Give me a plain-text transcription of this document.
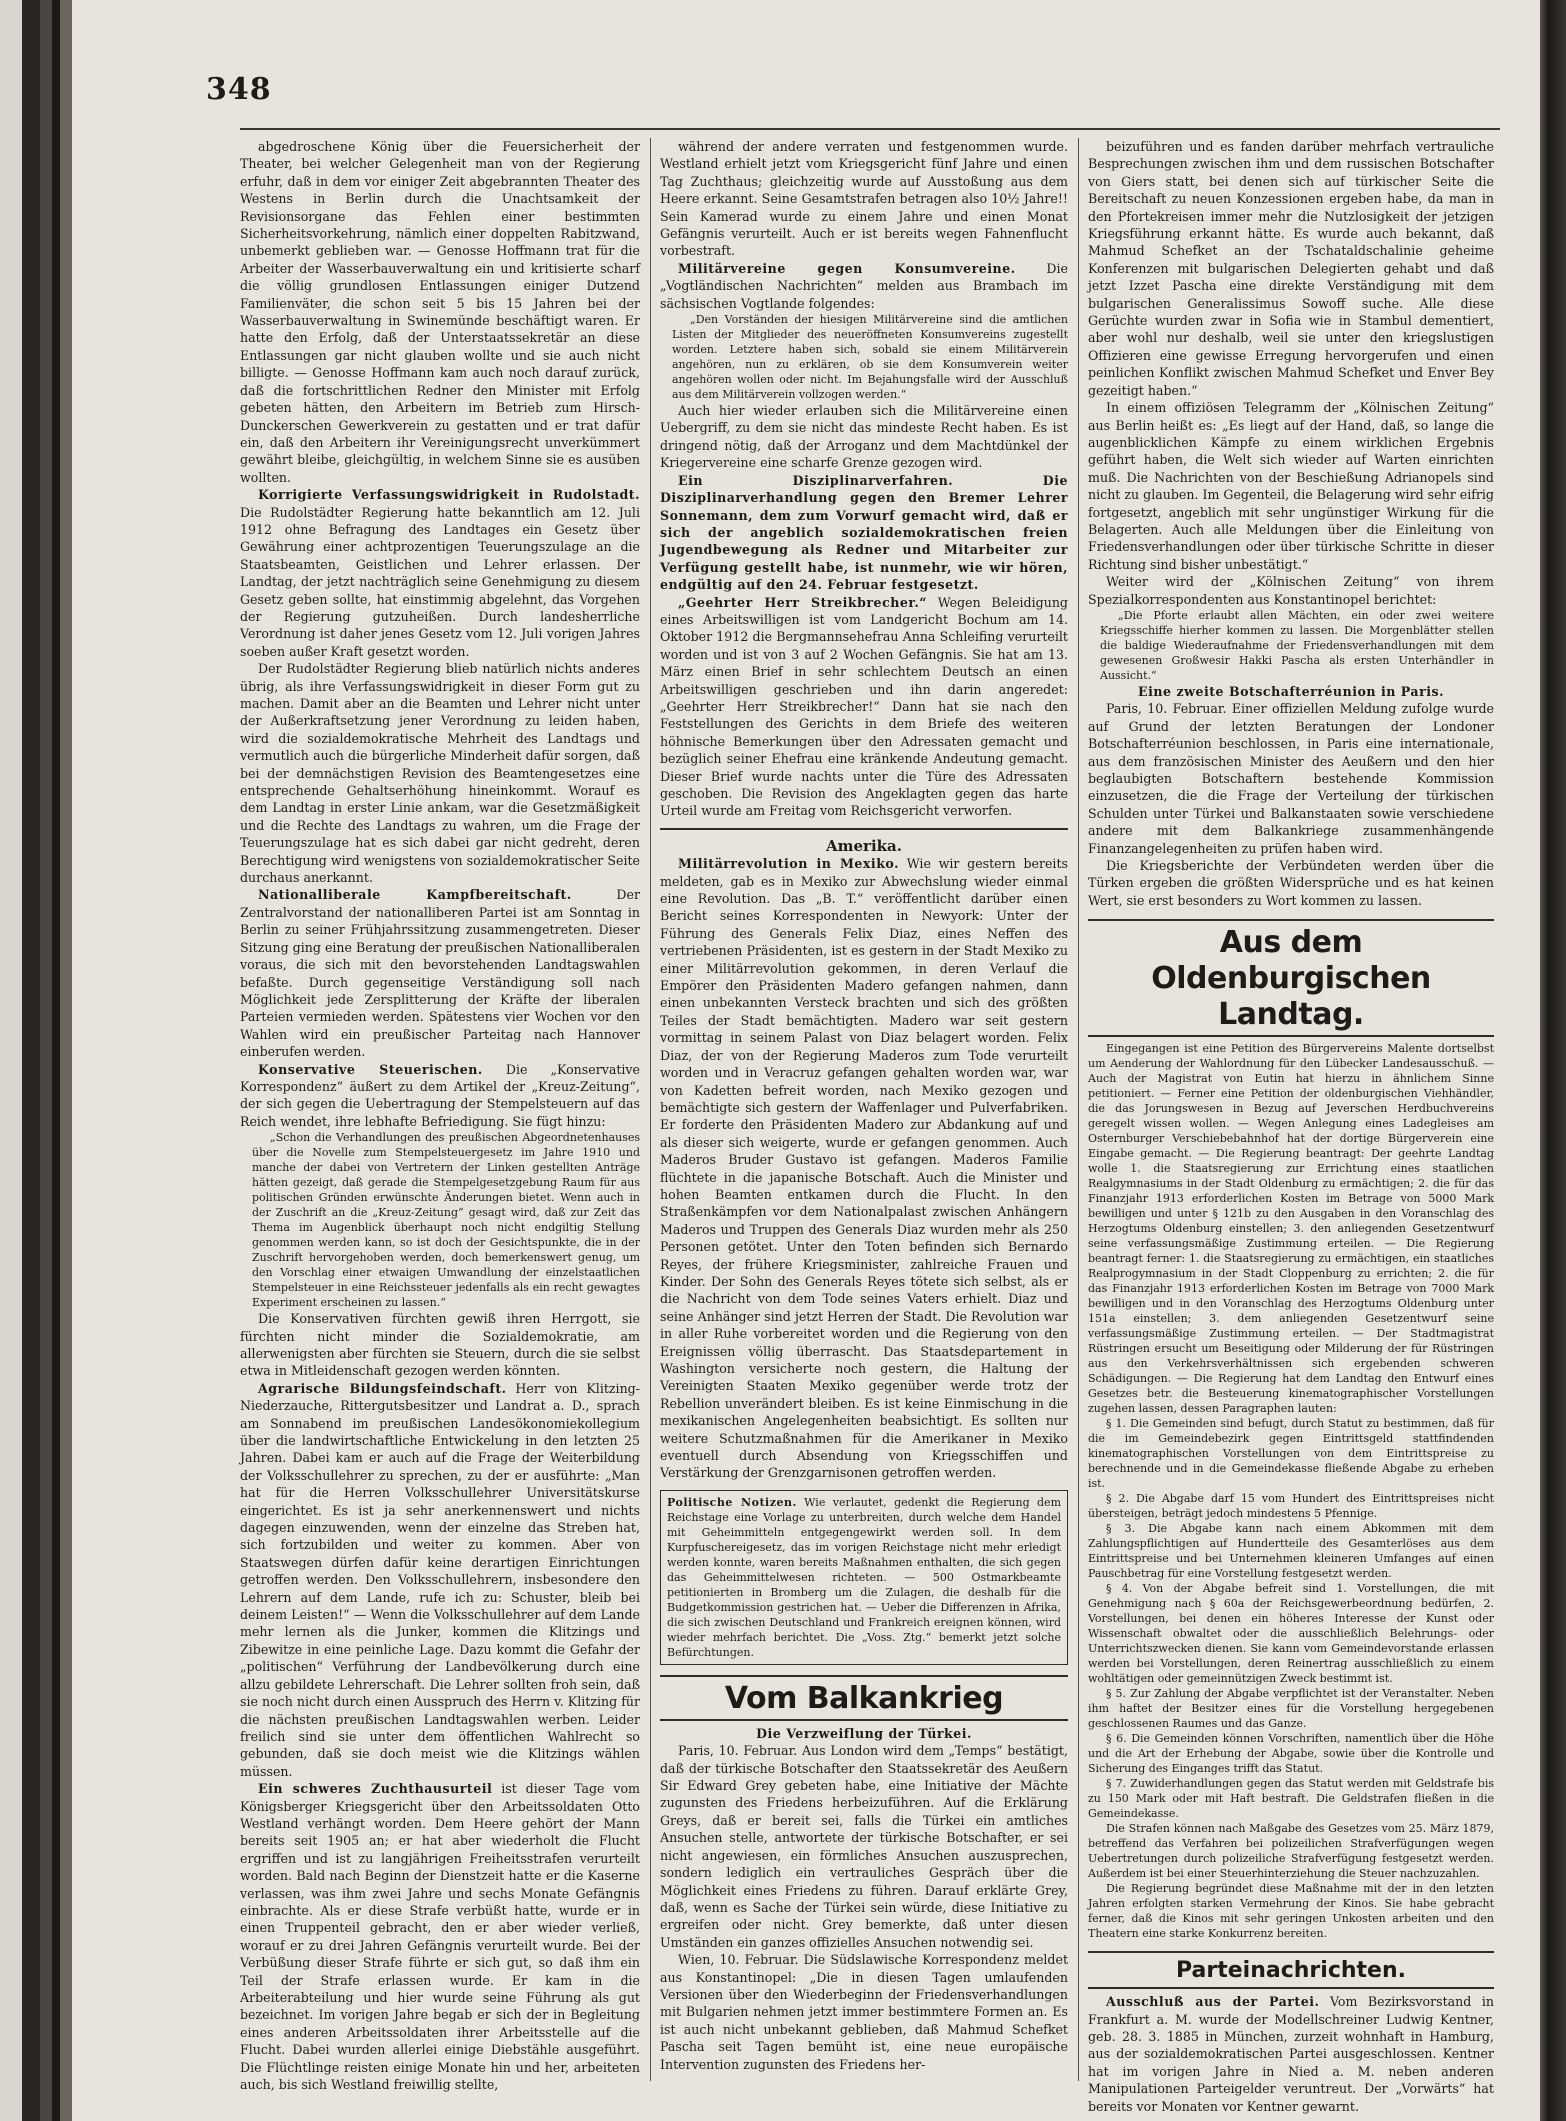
348

abgedroschene König über die Feuersicherheit der Theater, bei welcher Gelegenheit man von der Regierung erfuhr, daß in dem vor einiger Zeit abgebrannten Theater des Westens in Berlin durch die Unachtsamkeit der Revisionsorgane das Fehlen einer bestimmten Sicherheitsvorkehrung, nämlich einer doppelten Rabitzwand, unbemerkt geblieben war. — Genosse Hoffmann trat für die Arbeiter der Wasserbauverwaltung ein und kritisierte scharf die völlig grundlosen Entlassungen einiger Dutzend Familienväter, die schon seit 5 bis 15 Jahren bei der Wasserbauverwaltung in Swinemünde beschäftigt waren. Er hatte den Erfolg, daß der Unterstaatssekretär an diese Entlassungen gar nicht glauben wollte und sie auch nicht billigte. — Genosse Hoffmann kam auch noch darauf zurück, daß die fortschrittlichen Redner den Minister mit Erfolg gebeten hätten, den Arbeitern im Betrieb zum Hirsch-Dunckerschen Gewerkverein zu gestatten und er trat dafür ein, daß den Arbeitern ihr Vereinigungsrecht unverkümmert gewährt bleibe, gleichgültig, in welchem Sinne sie es ausüben wollten.

Korrigierte Verfassungswidrigkeit in Rudolstadt. Die Rudolstädter Regierung hatte bekanntlich am 12. Juli 1912 ohne Befragung des Landtages ein Gesetz über Gewährung einer achtprozentigen Teuerungszulage an die Staatsbeamten, Geistlichen und Lehrer erlassen. Der Landtag, der jetzt nachträglich seine Genehmigung zu diesem Gesetz geben sollte, hat einstimmig abgelehnt, das Vorgehen der Regierung gutzuheißen. Durch landesherrliche Verordnung ist daher jenes Gesetz vom 12. Juli vorigen Jahres soeben außer Kraft gesetzt worden.

Der Rudolstädter Regierung blieb natürlich nichts anderes übrig, als ihre Verfassungswidrigkeit in dieser Form gut zu machen. Damit aber an die Beamten und Lehrer nicht unter der Außerkraftsetzung jener Verordnung zu leiden haben, wird die sozialdemokratische Mehrheit des Landtags und vermutlich auch die bürgerliche Minderheit dafür sorgen, daß bei der demnächstigen Revision des Beamtengesetzes eine entsprechende Gehaltserhöhung hineinkommt. Worauf es dem Landtag in erster Linie ankam, war die Gesetzmäßigkeit und die Rechte des Landtags zu wahren, um die Frage der Teuerungszulage hat es sich dabei gar nicht gedreht, deren Berechtigung wird wenigstens von sozialdemokratischer Seite durchaus anerkannt.

Nationalliberale Kampfbereitschaft.	Der Zentralvorstand der nationalliberen Partei ist am Sonntag in Berlin zu seiner Frühjahrssitzung zusammengetreten. Dieser Sitzung ging eine Beratung der preußischen Nationalliberalen voraus, die sich mit den bevorstehenden Landtagswahlen befaßte. Durch gegenseitige Verständigung soll nach Möglichkeit jede Zersplitterung der Kräfte der liberalen Parteien vermieden werden. Spätestens vier Wochen vor den Wahlen wird ein preußischer Parteitag nach Hannover einberufen werden.

Konservative Steuerischen. Die „Konservative Korrespondenz“ äußert zu dem Artikel der „Kreuz-Zeitung“, der sich gegen die Uebertragung der Stempelsteuern auf das Reich wendet, ihre lebhafte Befriedigung. Sie fügt hinzu:

„Schon die Verhandlungen des preußischen Abgeordnetenhauses über die Novelle zum Stempelsteuergesetz im Jahre 1910 und manche der dabei von Vertretern der Linken gestellten Anträge hätten gezeigt, daß gerade die Stempelgesetzgebung Raum für aus politischen Gründen erwünschte Änderungen bietet. Wenn auch in der Zuschrift an die „Kreuz-Zeitung“ gesagt wird, daß zur Zeit das Thema im Augenblick überhaupt noch nicht endgiltig Stellung genommen werden kann, so ist doch der Gesichtspunkte, die in der Zuschrift hervorgehoben werden, doch bemerkenswert genug, um den Vorschlag einer etwaigen Umwandlung der einzelstaatlichen Stempelsteuer in eine Reichssteuer jedenfalls als ein recht gewagtes Experiment erscheinen zu lassen.“

Die Konservativen fürchten gewiß ihren Herrgott, sie fürchten nicht minder die Sozialdemokratie, am allerwenigsten aber fürchten sie Steuern, durch die sie selbst etwa in Mitleidenschaft gezogen werden könnten.

Agrarische Bildungsfeindschaft. Herr von Klitzing-Niederzauche, Rittergutsbesitzer und Landrat a. D., sprach am Sonnabend im preußischen Landesökonomiekollegium über die landwirtschaftliche Entwickelung in den letzten 25 Jahren. Dabei kam er auch auf die Frage der Weiterbildung der Volksschullehrer zu sprechen, zu der er ausführte: „Man hat für die Herren Volksschullehrer Universitätskurse eingerichtet. Es ist ja sehr anerkennenswert und nichts dagegen einzuwenden, wenn der einzelne das Streben hat, sich fortzubilden und weiter zu kommen. Aber von Staatswegen dürfen dafür keine derartigen Einrichtungen getroffen werden. Den Volksschullehrern, insbesondere den Lehrern auf dem Lande, rufe ich zu: Schuster, bleib bei deinem Leisten!“ — Wenn die Volksschullehrer auf dem Lande mehr lernen als die Junker, kommen die Klitzings und Zibewitze in eine peinliche Lage. Dazu kommt die Gefahr der „politischen“ Verführung der Landbevölkerung durch eine allzu gebildete Lehrerschaft. Die Lehrer sollten froh sein, daß sie noch nicht durch einen Ausspruch des Herrn v. Klitzing für die nächsten preußischen Landtagswahlen werben. Leider freilich sind sie unter dem öffentlichen Wahlrecht so gebunden, daß sie doch meist wie die Klitzings wählen müssen.

Ein schweres Zuchthausurteil ist dieser Tage vom Königsberger Kriegsgericht über den Arbeitssoldaten Otto Westland verhängt worden. Dem Heere gehört der Mann bereits seit 1905 an; er hat aber wiederholt die Flucht ergriffen und ist zu langjährigen Freiheitsstrafen verurteilt worden. Bald nach Beginn der Dienstzeit hatte er die Kaserne verlassen, was ihm zwei Jahre und sechs Monate Gefängnis einbrachte. Als er diese Strafe verbüßt hatte, wurde er in einen Truppenteil gebracht, den er aber wieder verließ, worauf er zu drei Jahren Gefängnis verurteilt wurde. Bei der Verbüßung dieser Strafe führte er sich gut, so daß ihm ein Teil der Strafe erlassen wurde. Er kam in die Arbeiterabteilung und hier wurde seine Führung als gut bezeichnet. Im vorigen Jahre begab er sich der in Begleitung eines anderen Arbeitssoldaten ihrer Arbeitsstelle auf die Flucht. Dabei wurden allerlei einige Diebstähle ausgeführt. Die Flüchtlinge reisten einige Monate hin und her, arbeiteten auch, bis sich Westland freiwillig stellte,

während der andere verraten und festgenommen wurde. Westland erhielt jetzt vom Kriegsgericht fünf Jahre und einen Tag Zuchthaus; gleichzeitig wurde auf Ausstoßung aus dem Heere erkannt. Seine Gesamtstrafen betragen also 10½ Jahre!! Sein Kamerad wurde zu einem Jahre und einen Monat Gefängnis verurteilt. Auch er ist bereits wegen Fahnenflucht vorbestraft.

Militärvereine gegen Konsumvereine. Die „Vogtländischen Nachrichten“ melden aus Brambach im sächsischen Vogtlande folgendes:

„Den Vorständen der hiesigen Militärvereine sind die amtlichen Listen der Mitglieder des neueröffneten Konsumvereins zugestellt worden. Letztere haben sich, sobald sie einem Militärverein angehören, nun zu erklären, ob sie dem Konsumverein weiter angehören wollen oder nicht. Im Bejahungsfalle wird der Ausschluß aus dem Militärverein vollzogen werden.“

Auch hier wieder erlauben sich die Militärvereine einen Uebergriff, zu dem sie nicht das mindeste Recht haben. Es ist dringend nötig, daß der Arroganz und dem Machtdünkel der Kriegervereine eine scharfe Grenze gezogen wird.

Ein Disziplinarverfahren.	Die Disziplinarverhandlung gegen den Bremer Lehrer Sonnemann, dem zum Vorwurf gemacht wird, daß er sich der angeblich sozialdemokratischen freien Jugendbewegung als Redner und Mitarbeiter zur Verfügung gestellt habe, ist nunmehr, wie wir hören, endgültig auf den 24. Februar festgesetzt.

„Geehrter Herr Streikbrecher.“ Wegen Beleidigung eines Arbeitswilligen ist vom Landgericht Bochum am 14. Oktober 1912 die Bergmannsehefrau Anna Schleifing verurteilt worden und ist von 3 auf 2 Wochen Gefängnis. Sie hat am 13. März einen Brief in sehr schlechtem Deutsch an einen Arbeitswilligen geschrieben und ihn darin angeredet: „Geehrter Herr Streikbrecher!“ Dann hat sie nach den Feststellungen des Gerichts in dem Briefe des weiteren höhnische Bemerkungen über den Adressaten gemacht und bezüglich seiner Ehefrau eine kränkende Andeutung gemacht. Dieser Brief wurde nachts unter die Türe des Adressaten geschoben. Die Revision des Angeklagten gegen das harte Urteil wurde am Freitag vom Reichsgericht verworfen.

Amerika.

Militärrevolution in Mexiko. Wie wir gestern bereits meldeten, gab es in Mexiko zur Abwechslung wieder einmal eine Revolution. Das „B. T.“ veröffentlicht darüber einen Bericht seines Korrespondenten in Newyork: Unter der Führung des Generals Felix Diaz, eines Neffen des vertriebenen Präsidenten, ist es gestern in der Stadt Mexiko zu einer Militärrevolution gekommen, in deren Verlauf die Empörer den Präsidenten Madero gefangen nahmen, dann einen unbekannten Versteck brachten und sich des größten Teiles der Stadt bemächtigten. Madero war seit gestern vormittag in seinem Palast von Diaz belagert worden. Felix Diaz, der von der Regierung Maderos zum Tode verurteilt worden und in Veracruz gefangen gehalten worden war, war von Kadetten befreit worden, nach Mexiko gezogen und bemächtigte sich gestern der Waffenlager und Pulverfabriken. Er forderte den Präsidenten Madero zur Abdankung auf und als dieser sich weigerte, wurde er gefangen genommen. Auch Maderos Bruder Gustavo ist gefangen. Maderos Familie flüchtete in die japanische Botschaft. Auch die Minister und hohen Beamten entkamen durch die Flucht. In den Straßenkämpfen vor dem Nationalpalast zwischen Anhängern Maderos und Truppen des Generals Diaz wurden mehr als 250 Personen getötet. Unter den Toten befinden sich Bernardo Reyes, der frühere Kriegsminister, zahlreiche Frauen und Kinder. Der Sohn des Generals Reyes tötete sich selbst, als er die Nachricht von dem Tode seines Vaters erhielt. Diaz und seine Anhänger sind jetzt Herren der Stadt. Die Revolution war in aller Ruhe vorbereitet worden und die Regierung von den Ereignissen völlig überrascht. Das Staatsdepartement in Washington versicherte noch gestern, die Haltung der Vereinigten Staaten Mexiko gegenüber werde trotz der Rebellion unverändert bleiben. Es ist keine Einmischung in die mexikanischen Angelegenheiten beabsichtigt. Es sollten nur weitere Schutzmaßnahmen für die Amerikaner in Mexiko eventuell durch Absendung von Kriegsschiffen und Verstärkung der Grenzgarnisonen getroffen werden.

Politische Notizen. Wie verlautet, gedenkt die Regierung dem Reichstage eine Vorlage zu unterbreiten, durch welche dem Handel mit Geheimmitteln entgegengewirkt werden soll. In dem Kurpfuschereigesetz, das im vorigen Reichstage nicht mehr erledigt werden konnte, waren bereits Maßnahmen enthalten, die sich gegen das Geheimmittelwesen richteten. — 500 Ostmarkbeamte petitionierten in Bromberg um die Zulagen, die deshalb für die Budgetkommission gestrichen hat. — Ueber die Differenzen in Afrika, die sich zwischen Deutschland und Frankreich ereignen können, wird wieder mehrfach berichtet. Die „Voss. Ztg.“ bemerkt jetzt solche Befürchtungen.

Vom Balkankrieg

Die Verzweiflung der Türkei.

Paris, 10. Februar. Aus London wird dem „Temps“ bestätigt, daß der türkische Botschafter den Staatssekretär des Aeußern Sir Edward Grey gebeten habe, eine Initiative der Mächte zugunsten des Friedens herbeizuführen. Auf die Erklärung Greys, daß er bereit sei, falls die Türkei ein amtliches Ansuchen stelle, antwortete der türkische Botschafter, er sei nicht angewiesen, ein förmliches Ansuchen auszusprechen, sondern lediglich ein vertrauliches Gespräch über die Möglichkeit eines Friedens zu führen. Darauf erklärte Grey, daß, wenn es Sache der Türkei sein würde, diese Initiative zu ergreifen oder nicht. Grey bemerkte, daß unter diesen Umständen ein ganzes offizielles Ansuchen notwendig sei.

Wien, 10. Februar. Die Südslawische Korrespondenz meldet aus Konstantinopel: „Die in diesen Tagen umlaufenden Versionen über den Wiederbeginn der Friedensverhandlungen mit Bulgarien nehmen jetzt immer bestimmtere Formen an. Es ist auch nicht unbekannt geblieben, daß Mahmud Schefket Pascha seit Tagen bemüht ist, eine neue europäische Intervention zugunsten des Friedens her-

beizuführen und es fanden darüber mehrfach vertrauliche Besprechungen zwischen ihm und dem russischen Botschafter von Giers statt, bei denen sich auf türkischer Seite die Bereitschaft zu neuen Konzessionen ergeben habe, da man in den Pfortekreisen immer mehr die Nutzlosigkeit der jetzigen Kriegsführung erkannt hätte. Es wurde auch bekannt, daß Mahmud Schefket an der Tschataldschalinie geheime Konferenzen mit bulgarischen Delegierten gehabt und daß jetzt Izzet Pascha eine direkte Verständigung mit dem bulgarischen Generalissimus Sowoff suche. Alle diese Gerüchte wurden zwar in Sofia wie in Stambul dementiert, aber wohl nur deshalb, weil sie unter den kriegslustigen Offizieren eine gewisse Erregung hervorgerufen und einen peinlichen Konflikt zwischen Mahmud Schefket und Enver Bey gezeitigt haben.“

In einem offiziösen Telegramm der „Kölnischen Zeitung“ aus Berlin heißt es: „Es liegt auf der Hand, daß, so lange die augenblicklichen Kämpfe zu einem wirklichen Ergebnis geführt haben, die Welt sich wieder auf Warten einrichten muß. Die Nachrichten von der Beschießung Adrianopels sind nicht zu glauben. Im Gegenteil, die Belagerung wird sehr eifrig fortgesetzt, angeblich mit sehr ungünstiger Wirkung für die Belagerten. Auch alle Meldungen über die Einleitung von Friedensverhandlungen oder über türkische Schritte in dieser Richtung sind bisher unbestätigt.“

Weiter wird der „Kölnischen Zeitung“ von ihrem Spezialkorrespondenten aus Konstantinopel berichtet:

„Die Pforte erlaubt allen Mächten, ein oder zwei weitere Kriegsschiffe hierher kommen zu lassen. Die Morgenblätter stellen die baldige Wiederaufnahme der Friedensverhandlungen mit dem gewesenen Großwesir Hakki Pascha als ersten Unterhändler in Aussicht.“

Eine zweite Botschafterréunion in Paris.

Paris, 10. Februar. Einer offiziellen Meldung zufolge wurde auf Grund der letzten Beratungen der Londoner Botschafterréunion beschlossen, in Paris eine internationale, aus dem französischen Minister des Aeußern und den hier beglaubigten Botschaftern bestehende Kommission einzusetzen, die die Frage der Verteilung der türkischen Schulden unter Türkei und Balkanstaaten sowie verschiedene andere mit dem Balkankriege zusammenhängende Finanzangelegenheiten zu prüfen haben wird.

Die Kriegsberichte der Verbündeten werden über die Türken ergeben die größten Widersprüche und es hat keinen Wert, sie erst besonders zu Wort kommen zu lassen.

Aus dem Oldenburgischen Landtag.

Eingegangen ist eine Petition des Bürgervereins Malente dortselbst um Aenderung der Wahlordnung für den Lübecker Landesausschuß. — Auch der Magistrat von Eutin hat hierzu in ähnlichem Sinne petitioniert. — Ferner eine Petition der oldenburgischen Viehhändler, die das Jorungswesen in Bezug auf Jeverschen Herdbuchvereins geregelt wissen wollen. — Wegen Anlegung eines Ladegleises am Osternburger Verschiebebahnhof hat der dortige Bürgerverein eine Eingabe gemacht. — Die Regierung beantragt: Der geehrte Landtag wolle 1. die Staatsregierung zur Errichtung eines staatlichen Realgymnasiums in der Stadt Oldenburg zu ermächtigen; 2. die für das Finanzjahr 1913 erforderlichen Kosten im Betrage von 5000 Mark bewilligen und unter § 121b zu den Ausgaben in den Voranschlag des Herzogtums Oldenburg einstellen; 3. den anliegenden Gesetzentwurf seine verfassungsmäßige Zustimmung erteilen. — Die Regierung beantragt ferner: 1. die Staatsregierung zu ermächtigen, ein staatliches Realprogymnasium in der Stadt Cloppenburg zu errichten; 2. die für das Finanzjahr 1913 erforderlichen Kosten im Betrage von 7000 Mark bewilligen und in den Voranschlag des Herzogtums Oldenburg unter 151a einstellen; 3. dem anliegenden Gesetzentwurf seine verfassungsmäßige Zustimmung erteilen. — Der Stadtmagistrat Rüstringen ersucht um Beseitigung oder Milderung der für Rüstringen aus den Verkehrsverhältnissen sich ergebenden schweren Schädigungen. — Die Regierung hat dem Landtag den Entwurf eines Gesetzes betr. die Besteuerung kinematographischer Vorstellungen zugehen lassen, dessen Paragraphen lauten:

§ 1. Die Gemeinden sind befugt, durch Statut zu bestimmen, daß für die im Gemeindebezirk gegen Eintrittsgeld stattfindenden kinematographischen Vorstellungen von dem Eintrittspreise zu berechnende und in die Gemeindekasse fließende Abgabe zu erheben ist.

§ 2. Die Abgabe darf 15 vom Hundert des Eintrittspreises nicht übersteigen, beträgt jedoch mindestens 5 Pfennige.

§ 3. Die Abgabe kann nach einem Abkommen mit dem Zahlungspflichtigen auf Hundertteile des Gesamterlöses aus dem Eintrittspreise und bei Unternehmen kleineren Umfanges auf einen Pauschbetrag für eine Vorstellung festgesetzt werden.

§ 4. Von der Abgabe befreit sind 1. Vorstellungen, die mit Genehmigung nach § 60a der Reichsgewerbeordnung bedürfen, 2. Vorstellungen, bei denen ein höheres Interesse der Kunst oder Wissenschaft obwaltet oder die ausschließlich Belehrungs- oder Unterrichtszwecken dienen. Sie kann vom Gemeindevorstande erlassen werden bei Vorstellungen, deren Reinertrag ausschließlich zu einem wohltätigen oder gemeinnützigen Zweck bestimmt ist.

§ 5. Zur Zahlung der Abgabe verpflichtet ist der Veranstalter. Neben ihm haftet der Besitzer eines für die Vorstellung hergegebenen geschlossenen Raumes und das Ganze.

§ 6. Die Gemeinden können Vorschriften, namentlich über die Höhe und die Art der Erhebung der Abgabe, sowie über die Kontrolle und Sicherung des Einganges trifft das Statut.

§ 7. Zuwiderhandlungen gegen das Statut werden mit Geldstrafe bis zu 150 Mark oder mit Haft bestraft. Die Geldstrafen fließen in die Gemeindekasse.

Die Strafen können nach Maßgabe des Gesetzes vom 25. März 1879, betreffend das Verfahren bei polizeilichen Strafverfügungen wegen Uebertretungen durch polizeiliche Strafverfügung festgesetzt werden. Außerdem ist bei einer Steuerhinterziehung die Steuer nachzuzahlen.

Die Regierung begründet diese Maßnahme mit der in den letzten Jahren erfolgten starken Vermehrung der Kinos. Sie habe gebracht ferner, daß die Kinos mit sehr geringen Unkosten arbeiten und den Theatern eine starke Konkurrenz bereiten.

Parteinachrichten.

Ausschluß aus der Partei. Vom Bezirksvorstand in Frankfurt a. M. wurde der Modellschreiner Ludwig Kentner, geb. 28. 3. 1885 in München, zurzeit wohnhaft in Hamburg, aus der sozialdemokratischen Partei ausgeschlossen. Kentner hat im vorigen Jahre in Nied a. M. neben anderen Manipulationen Parteigelder veruntreut. Der „Vorwärts“ hat bereits vor Monaten vor Kentner gewarnt.
